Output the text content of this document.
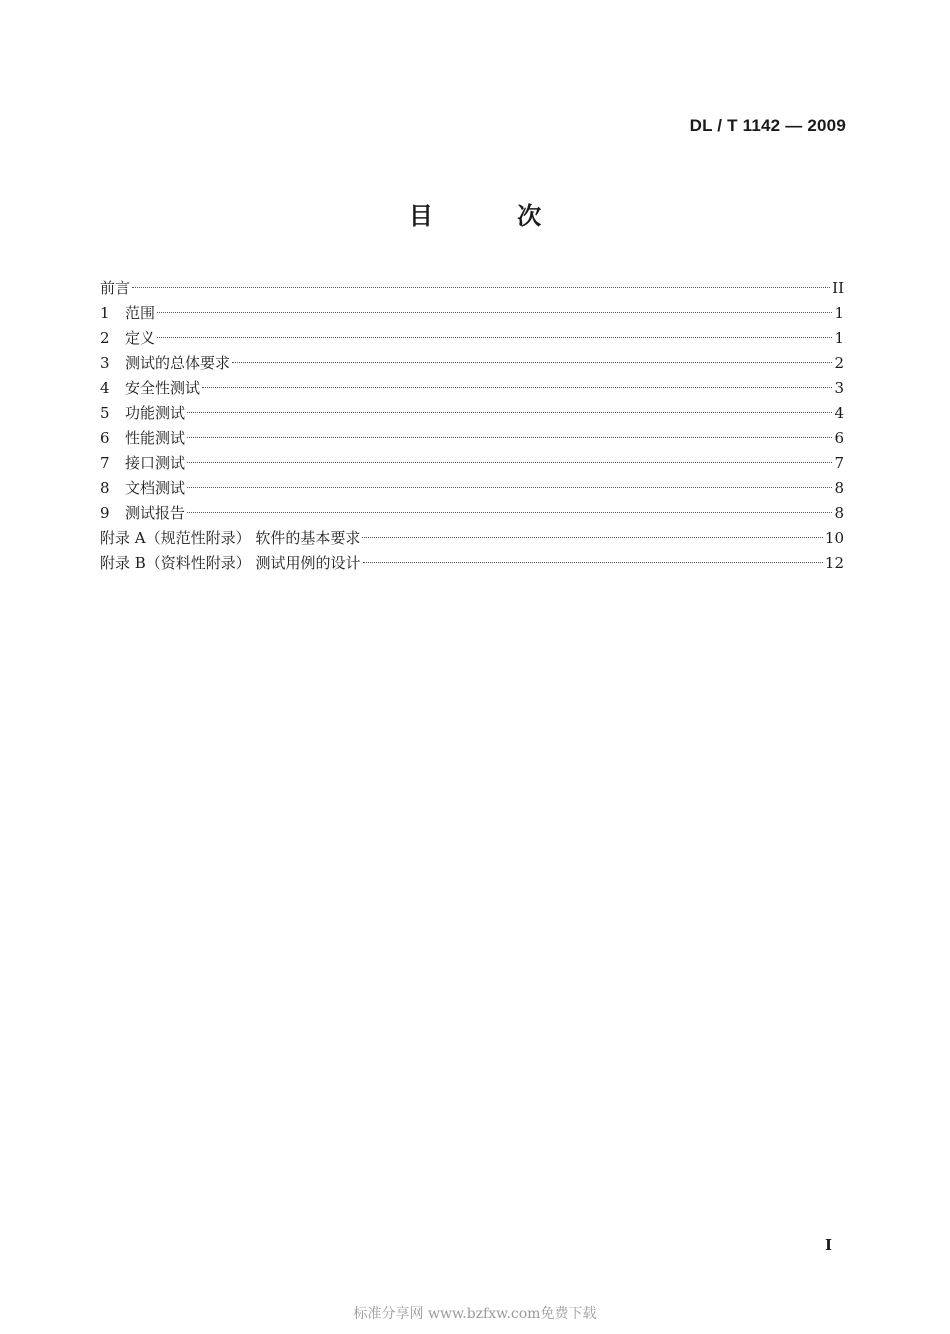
DL / T 1142 — 2009
目 次
前言	II
1	范围	1
2	定义	1
3	测试的总体要求	2
4	安全性测试	3
5	功能测试	4
6	性能测试	6
7	接口测试	7
8	文档测试	8
9	测试报告	8
附录 A（规范性附录） 软件的基本要求	10
附录 B（资料性附录） 测试用例的设计	12
I
标准分享网 www.bzfxw.com免费下载
